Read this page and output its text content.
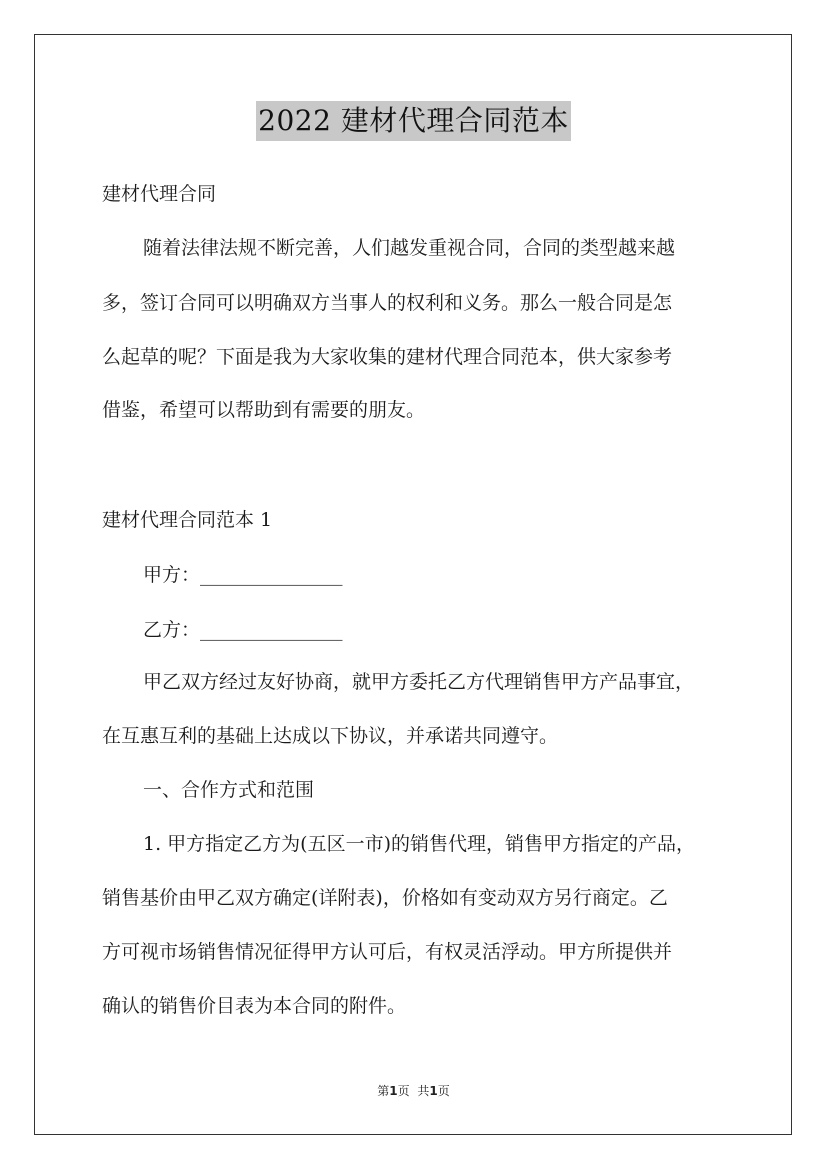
2022 建材代理合同范本
建材代理合同
随着法律法规不断完善，人们越发重视合同，合同的类型越来越
多，签订合同可以明确双方当事人的权利和义务。那么一般合同是怎
么起草的呢？下面是我为大家收集的建材代理合同范本，供大家参考
借鉴，希望可以帮助到有需要的朋友。
建材代理合同范本 1
甲方：_______________
乙方：_______________
甲乙双方经过友好协商，就甲方委托乙方代理销售甲方产品事宜，
在互惠互利的基础上达成以下协议，并承诺共同遵守。
一、合作方式和范围
1. 甲方指定乙方为(五区一市)的销售代理，销售甲方指定的产品，
销售基价由甲乙双方确定(详附表)，价格如有变动双方另行商定。乙
方可视市场销售情况征得甲方认可后，有权灵活浮动。甲方所提供并
确认的销售价目表为本合同的附件。
第1页 共1页
